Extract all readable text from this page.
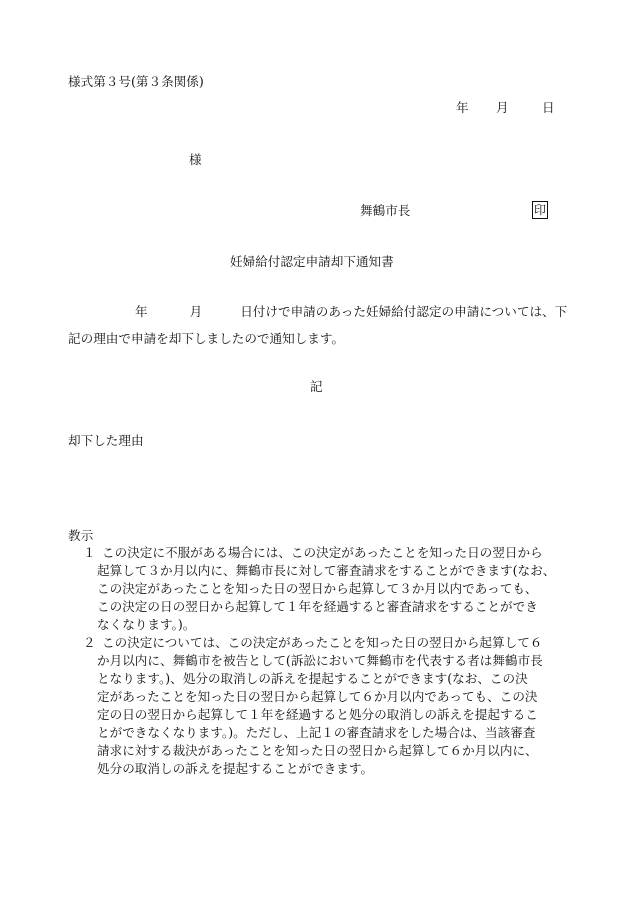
様式第３号(第３条関係)
年 月	日
様
舞鶴市長	印
妊婦給付認定申請却下通知書
年	月	日付けで申請のあった妊婦給付認定の申請については、下
記の理由で申請を却下しましたので通知します。
記
却下した理由
教示
１ この決定に不服がある場合には、この決定があったことを知った日の翌日から
起算して３か月以内に、舞鶴市長に対して審査請求をすることができます(なお、
この決定があったことを知った日の翌日から起算して３か月以内であっても、
この決定の日の翌日から起算して１年を経過すると審査請求をすることができ
なくなります。)。
２ この決定については、この決定があったことを知った日の翌日から起算して６
か月以内に、舞鶴市を被告として(訴訟において舞鶴市を代表する者は舞鶴市長
となります。)、処分の取消しの訴えを提起することができます(なお、この決
定があったことを知った日の翌日から起算して６か月以内であっても、この決
定の日の翌日から起算して１年を経過すると処分の取消しの訴えを提起するこ
とができなくなります。)。ただし、上記１の審査請求をした場合は、当該審査
請求に対する裁決があったことを知った日の翌日から起算して６か月以内に、
処分の取消しの訴えを提起することができます。
